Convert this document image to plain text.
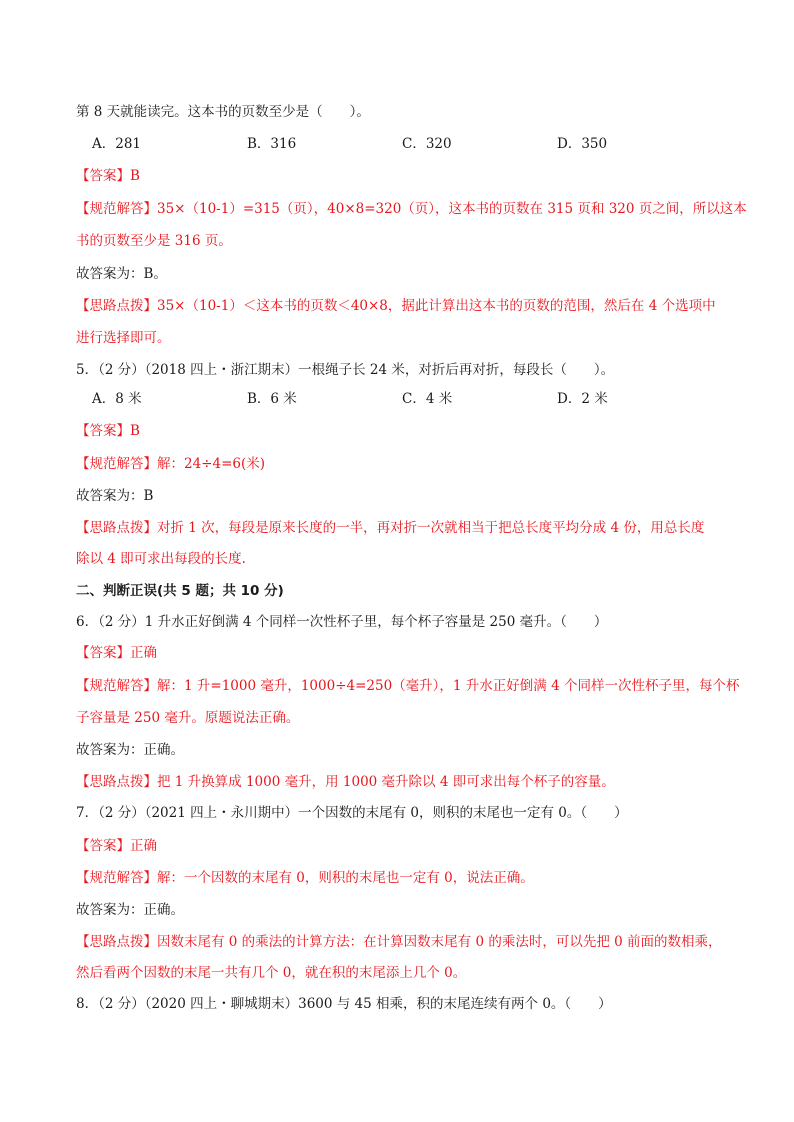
第 8 天就能读完。这本书的页数至少是（　　）。
A．281	B．316	C．320	D．350
【答案】B
【规范解答】35×（10-1）=315（页），40×8=320（页），这本书的页数在 315 页和 320 页之间，所以这本
书的页数至少是 316 页。
故答案为：B。
【思路点拨】35×（10-1）＜这本书的页数＜40×8，据此计算出这本书的页数的范围，然后在 4 个选项中
进行选择即可。
5．（2 分）（2018 四上・浙江期末）一根绳子长 24 米，对折后再对折，每段长（　　）。
A．8 米	B．6 米	C．4 米	D．2 米
【答案】B
【规范解答】解：24÷4=6(米)
故答案为：B
【思路点拨】对折 1 次，每段是原来长度的一半，再对折一次就相当于把总长度平均分成 4 份，用总长度
除以 4 即可求出每段的长度.
二、判断正误(共 5 题；共 10 分)
6．（2 分）1 升水正好倒满 4 个同样一次性杯子里，每个杯子容量是 250 毫升。（　　）
【答案】正确
【规范解答】解：1 升=1000 毫升，1000÷4=250（毫升），1 升水正好倒满 4 个同样一次性杯子里，每个杯
子容量是 250 毫升。原题说法正确。
故答案为：正确。
【思路点拨】把 1 升换算成 1000 毫升，用 1000 毫升除以 4 即可求出每个杯子的容量。
7．（2 分）（2021 四上・永川期中）一个因数的末尾有 0，则积的末尾也一定有 0。（　　）
【答案】正确
【规范解答】解：一个因数的末尾有 0，则积的末尾也一定有 0，说法正确。
故答案为：正确。
【思路点拨】因数末尾有 0 的乘法的计算方法：在计算因数末尾有 0 的乘法时，可以先把 0 前面的数相乘，
然后看两个因数的末尾一共有几个 0，就在积的末尾添上几个 0。
8．（2 分）（2020 四上・聊城期末）3600 与 45 相乘，积的末尾连续有两个 0。（　　）
